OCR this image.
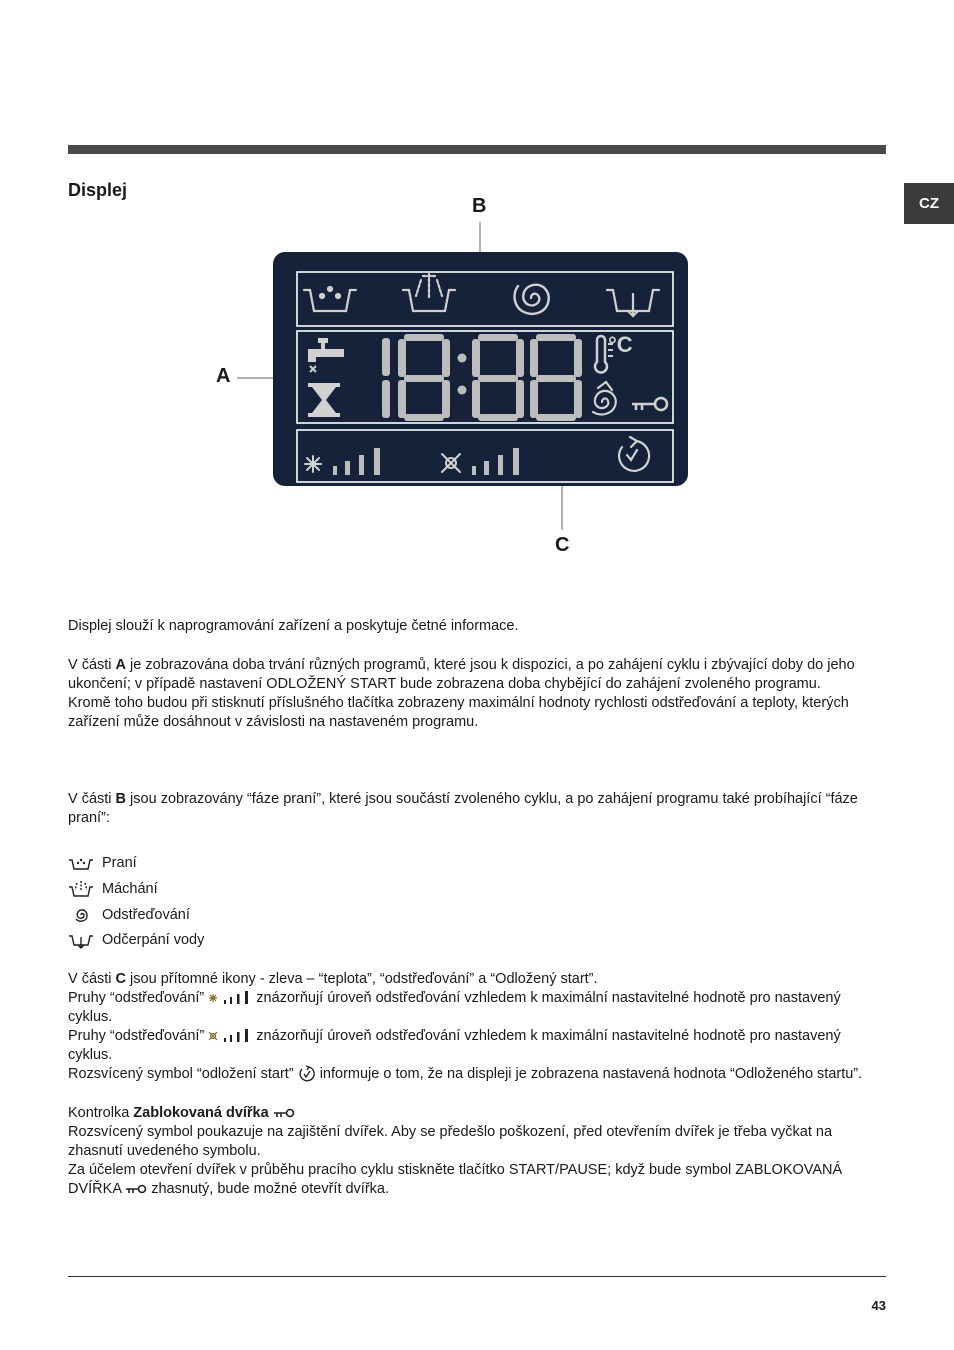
CZ
Displej
B
A
C
°C

Displej slouží k naprogramování zařízení a poskytuje četné informace.

V části A je zobrazována doba trvání různých programů, které jsou k dispozici, a po zahájení cyklu i zbývající doby do jeho ukončení; v případě nastavení ODLOŽENÝ START bude zobrazena doba chybějící do zahájení zvoleného programu.

Kromě toho budou při stisknutí příslušného tlačítka zobrazeny maximální hodnoty rychlosti odstřeďování a teploty, kterých zařízení může dosáhnout v závislosti na nastaveném programu.

V části B jsou zobrazovány “fáze praní”, které jsou součástí zvoleného cyklu, a po zahájení programu také probíhající “fáze praní”:

Praní
Máchání
Odstřeďování
Odčerpání vody

V části C jsou přítomné ikony - zleva – “teplota”, “odstřeďování” a “Odložený start”.

Pruhy “odstřeďování”	znázorňují úroveň odstřeďování vzhledem k maximální nastavitelné hodnotě pro nastavený cyklus.

Pruhy “odstřeďování”	znázorňují úroveň odstřeďování vzhledem k maximální nastavitelné hodnotě pro nastavený cyklus.

Rozsvícený symbol “odložení start”  informuje o tom, že na displeji je zobrazena nastavená hodnota “Odloženého startu”.

Kontrolka Zablokovaná dvířka

Rozsvícený symbol poukazuje na zajištění dvířek. Aby se předešlo poškození, před otevřením dvířek je třeba vyčkat na zhasnutí uvedeného symbolu.

Za účelem otevření dvířek v průběhu pracího cyklu stiskněte tlačítko START/PAUSE; když bude symbol ZABLOKOVANÁ DVÍŘKA  zhasnutý, bude možné otevřít dvířka.

43
